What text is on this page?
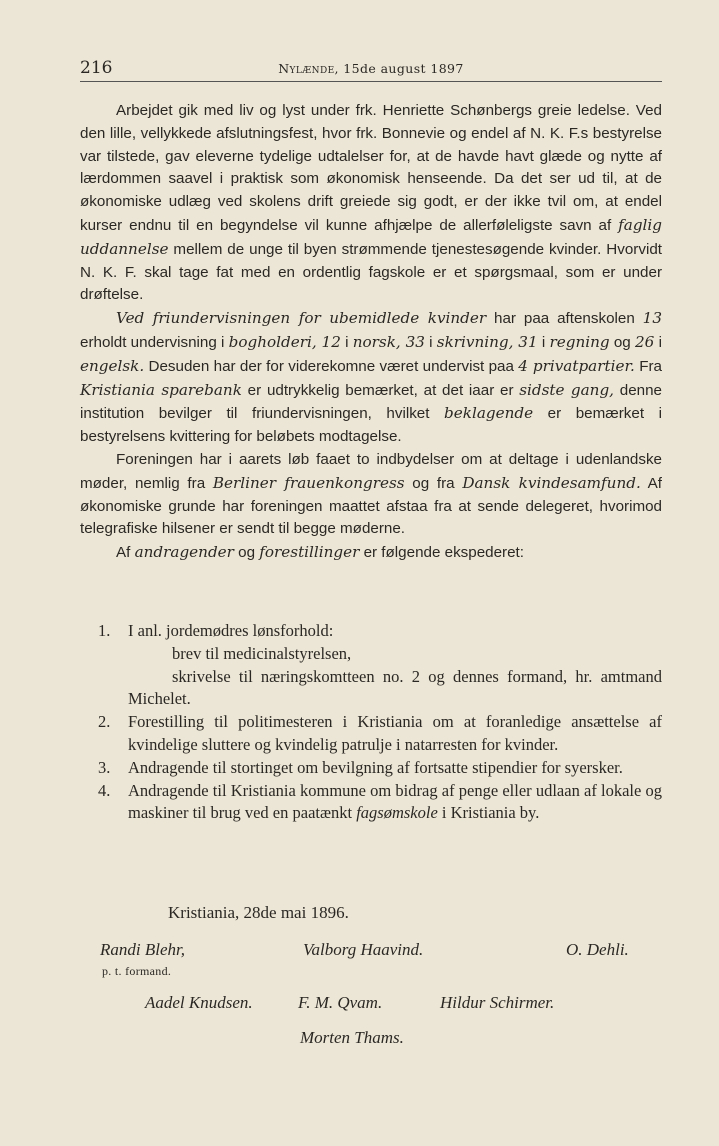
216	Nylænde, 15de august 1897

Arbejdet gik med liv og lyst under frk. Henriette Schønbergs greie ledelse. Ved den lille, vellykkede afslutningsfest, hvor frk. Bonnevie og endel af N. K. F.s bestyrelse var tilstede, gav eleverne tydelige udtalelser for, at de havde havt glæde og nytte af lærdommen saavel i praktisk som økonomisk henseende. Da det ser ud til, at de økonomiske udlæg ved skolens drift greiede sig godt, er der ikke tvil om, at endel kurser endnu til en begyndelse vil kunne afhjælpe de allerføleligste savn af faglig uddannelse mellem de unge til byen strømmende tjenestesøgende kvinder. Hvorvidt N. K. F. skal tage fat med en ordentlig fagskole er et spørgsmaal, som er under drøftelse.

Ved friundervisningen for ubemidlede kvinder har paa aftenskolen 13 erholdt undervisning i bogholderi, 12 i norsk, 33 i skrivning, 31 i regning og 26 i engelsk. Desuden har der for viderekomne været undervist paa 4 privatpartier. Fra Kristiania sparebank er udtrykkelig bemærket, at det iaar er sidste gang, denne institution bevilger til friundervisningen, hvilket beklagende er bemærket i bestyrelsens kvittering for beløbets modtagelse.

Foreningen har i aarets løb faaet to indbydelser om at deltage i udenlandske møder, nemlig fra Berliner frauenkongress og fra Dansk kvindesamfund. Af økonomiske grunde har foreningen maattet afstaa fra at sende delegeret, hvorimod telegrafiske hilsener er sendt til begge møderne.

Af andragender og forestillinger er følgende ekspederet:

1. I anl. jordemødres lønsforhold:
brev til medicinalstyrelsen,
skrivelse til næringskomtteen no. 2 og dennes formand, hr. amtmand Michelet.
2. Forestilling til politimesteren i Kristiania om at foranledige ansættelse af kvindelige sluttere og kvindelig patrulje i natarresten for kvinder.
3. Andragende til stortinget om bevilgning af fortsatte stipendier for syersker.
4. Andragende til Kristiania kommune om bidrag af penge eller udlaan af lokale og maskiner til brug ved en paatænkt fagsømskole i Kristiania by.
Kristiania, 28de mai 1896.
Randi Blehr,
p. t. formand.
Valborg Haavind.	O. Dehli.
Aadel Knudsen.	F. M. Qvam.	Hildur Schirmer.
Morten Thams.
